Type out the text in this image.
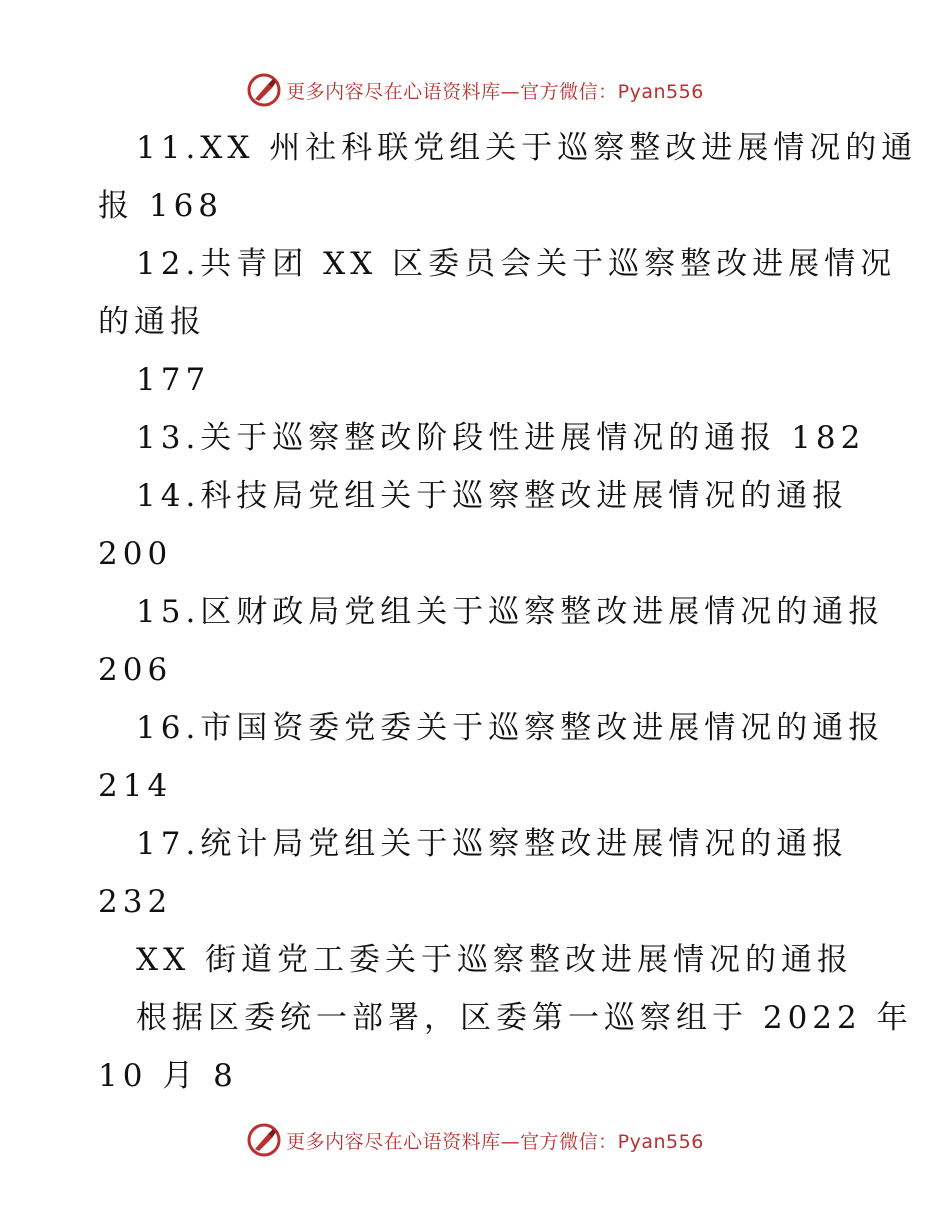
更多内容尽在心语资料库—官方微信：Pyan556
11.XX 州社科联党组关于巡察整改进展情况的通
报 168
12.共青团 XX 区委员会关于巡察整改进展情况
的通报
177
13.关于巡察整改阶段性进展情况的通报 182
14.科技局党组关于巡察整改进展情况的通报
200
15.区财政局党组关于巡察整改进展情况的通报
206
16.市国资委党委关于巡察整改进展情况的通报
214
17.统计局党组关于巡察整改进展情况的通报
232
XX 街道党工委关于巡察整改进展情况的通报
根据区委统一部署，区委第一巡察组于 2022 年
10 月 8
更多内容尽在心语资料库—官方微信：Pyan556
